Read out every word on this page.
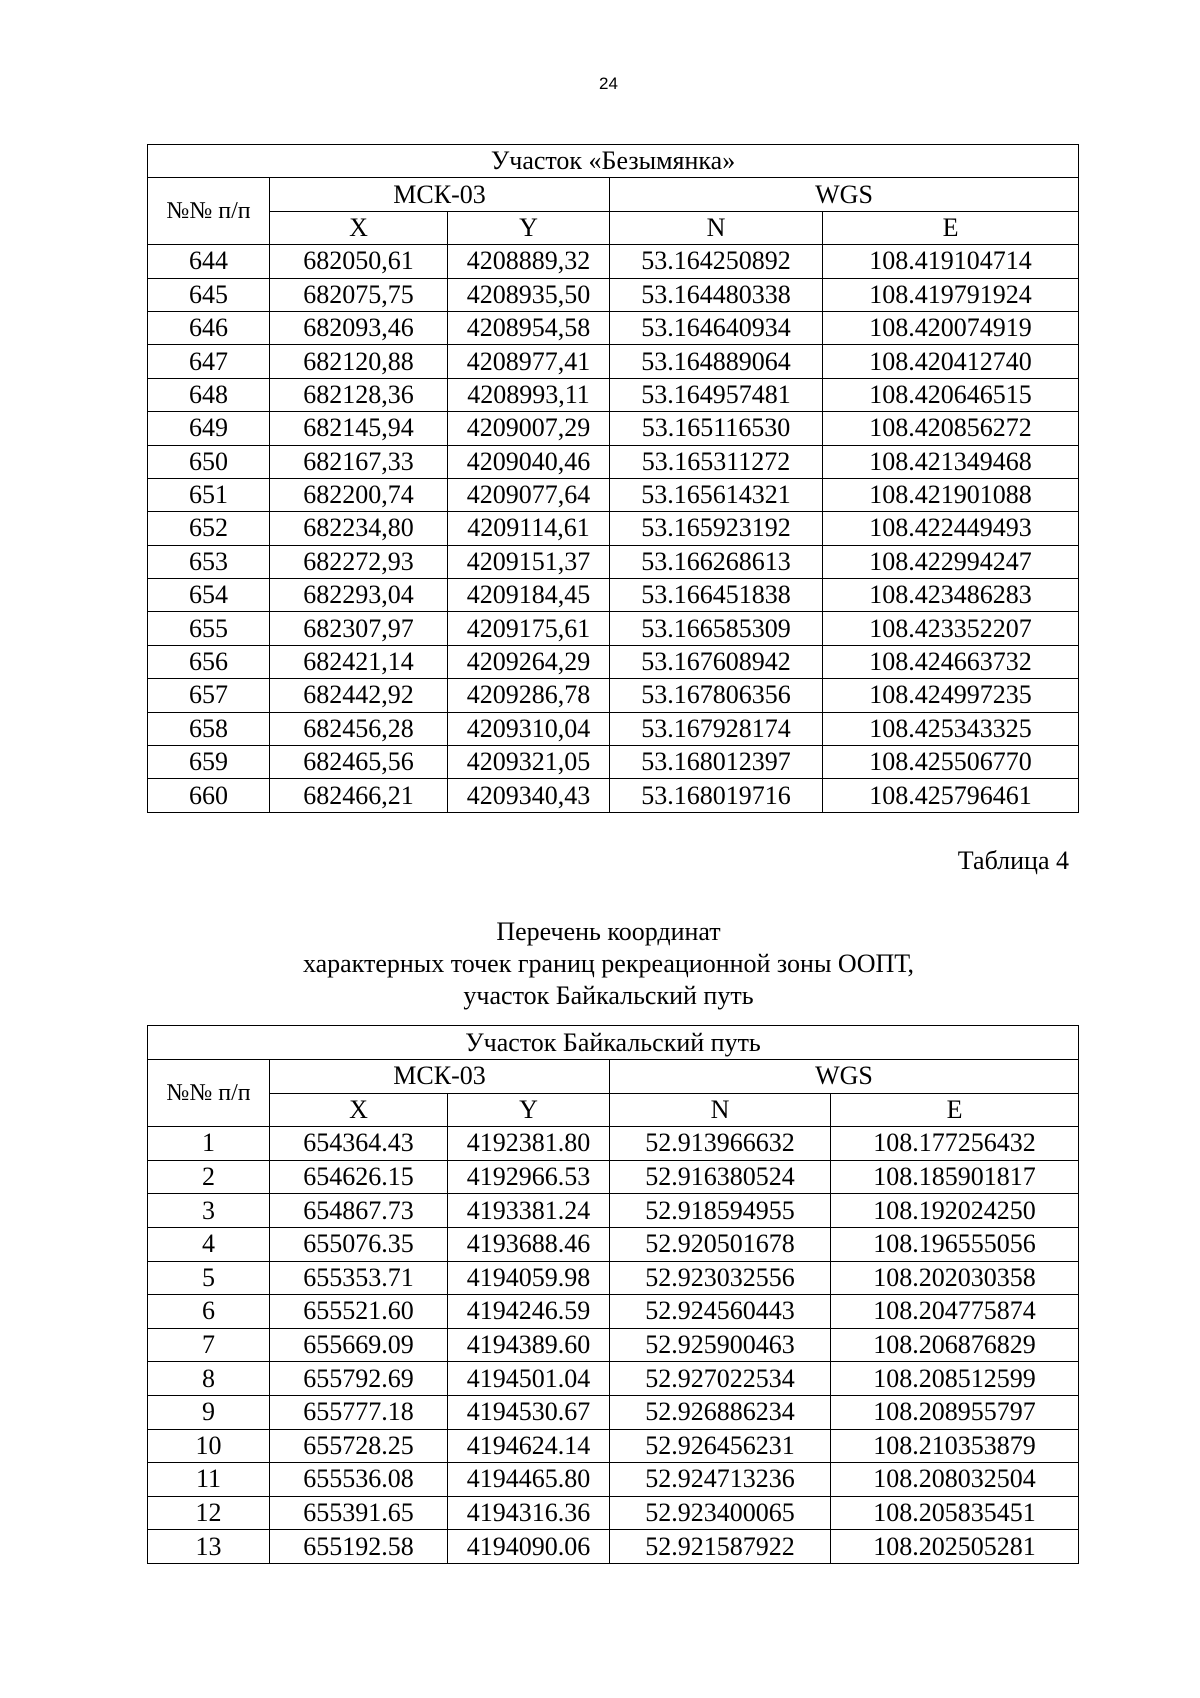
24
Участок «Безымянка»				
№№ п/п	МСК-03		WGS	
	X	Y	N	E
644	682050,61	4208889,32	53.164250892	108.419104714
645	682075,75	4208935,50	53.164480338	108.419791924
646	682093,46	4208954,58	53.164640934	108.420074919
647	682120,88	4208977,41	53.164889064	108.420412740
648	682128,36	4208993,11	53.164957481	108.420646515
649	682145,94	4209007,29	53.165116530	108.420856272
650	682167,33	4209040,46	53.165311272	108.421349468
651	682200,74	4209077,64	53.165614321	108.421901088
652	682234,80	4209114,61	53.165923192	108.422449493
653	682272,93	4209151,37	53.166268613	108.422994247
654	682293,04	4209184,45	53.166451838	108.423486283
655	682307,97	4209175,61	53.166585309	108.423352207
656	682421,14	4209264,29	53.167608942	108.424663732
657	682442,92	4209286,78	53.167806356	108.424997235
658	682456,28	4209310,04	53.167928174	108.425343325
659	682465,56	4209321,05	53.168012397	108.425506770
660	682466,21	4209340,43	53.168019716	108.425796461
Таблица 4
Перечень координат
характерных точек границ рекреационной зоны ООПТ,
участок Байкальский путь
Участок Байкальский путь				
№№ п/п	МСК-03		WGS	
	X	Y	N	E
1	654364.43	4192381.80	52.913966632	108.177256432
2	654626.15	4192966.53	52.916380524	108.185901817
3	654867.73	4193381.24	52.918594955	108.192024250
4	655076.35	4193688.46	52.920501678	108.196555056
5	655353.71	4194059.98	52.923032556	108.202030358
6	655521.60	4194246.59	52.924560443	108.204775874
7	655669.09	4194389.60	52.925900463	108.206876829
8	655792.69	4194501.04	52.927022534	108.208512599
9	655777.18	4194530.67	52.926886234	108.208955797
10	655728.25	4194624.14	52.926456231	108.210353879
11	655536.08	4194465.80	52.924713236	108.208032504
12	655391.65	4194316.36	52.923400065	108.205835451
13	655192.58	4194090.06	52.921587922	108.202505281
